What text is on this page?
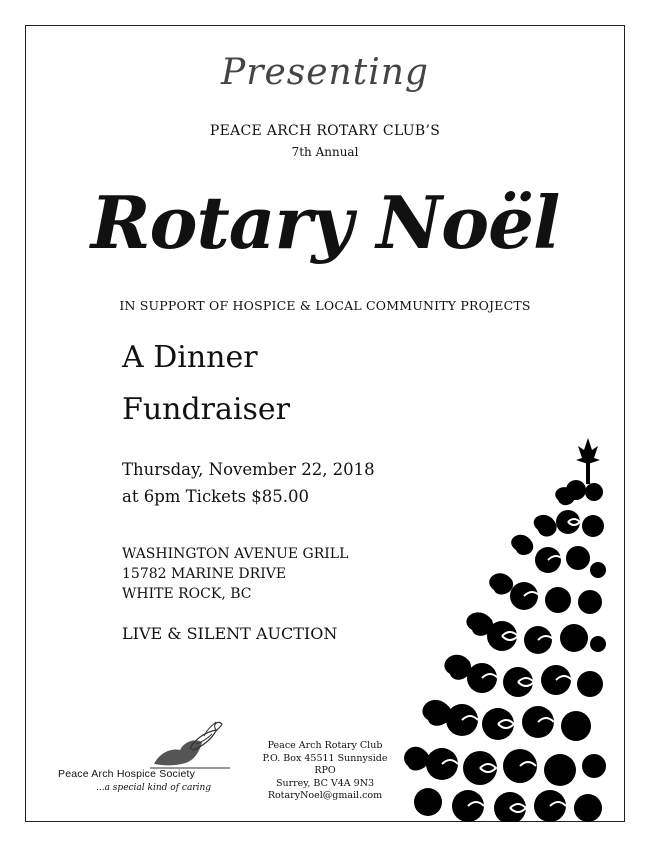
Presenting
PEACE ARCH ROTARY CLUB’S
7th Annual
Rotary Noël
IN SUPPORT OF HOSPICE & LOCAL COMMUNITY PROJECTS
A Dinner
Fundraiser
Thursday, November 22, 2018
at 6pm Tickets $85.00
WASHINGTON AVENUE GRILL
15782 MARINE DRIVE
WHITE ROCK, BC
LIVE & SILENT AUCTION
Peace Arch Hospice Society
...a special kind of caring
Peace Arch Rotary Club
P.O. Box 45511 Sunnyside RPO
Surrey, BC V4A 9N3
RotaryNoel@gmail.com
